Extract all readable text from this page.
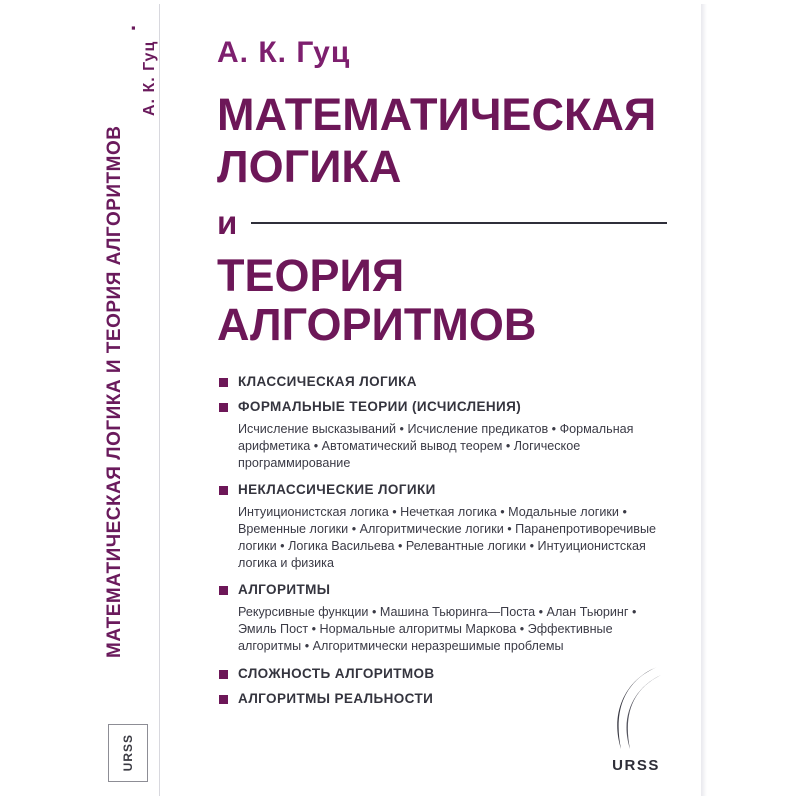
А. К. Гуц
▪
МАТЕМАТИЧЕСКАЯ ЛОГИКА И ТЕОРИЯ АЛГОРИТМОВ
URSS
А. К. Гуц
МАТЕМАТИЧЕСКАЯ
ЛОГИКА
и
ТЕОРИЯ
АЛГОРИТМОВ
КЛАССИЧЕСКАЯ ЛОГИКА
ФОРМАЛЬНЫЕ ТЕОРИИ (ИСЧИСЛЕНИЯ)
Исчисление высказываний • Исчисление предикатов • Формальная арифметика • Автоматический вывод теорем • Логическое программирование
НЕКЛАССИЧЕСКИЕ ЛОГИКИ
Интуиционистская логика • Нечеткая логика • Модальные логики • Временные логики • Алгоритмические логики • Паранепротиворечивые логики • Логика Васильева • Релевантные логики • Интуиционистская логика и физика
АЛГОРИТМЫ
Рекурсивные функции • Машина Тьюринга—Поста • Алан Тьюринг • Эмиль Пост • Нормальные алгоритмы Маркова • Эффективные алгоритмы • Алгоритмически неразрешимые проблемы
СЛОЖНОСТЬ АЛГОРИТМОВ
АЛГОРИТМЫ РЕАЛЬНОСТИ
URSS
